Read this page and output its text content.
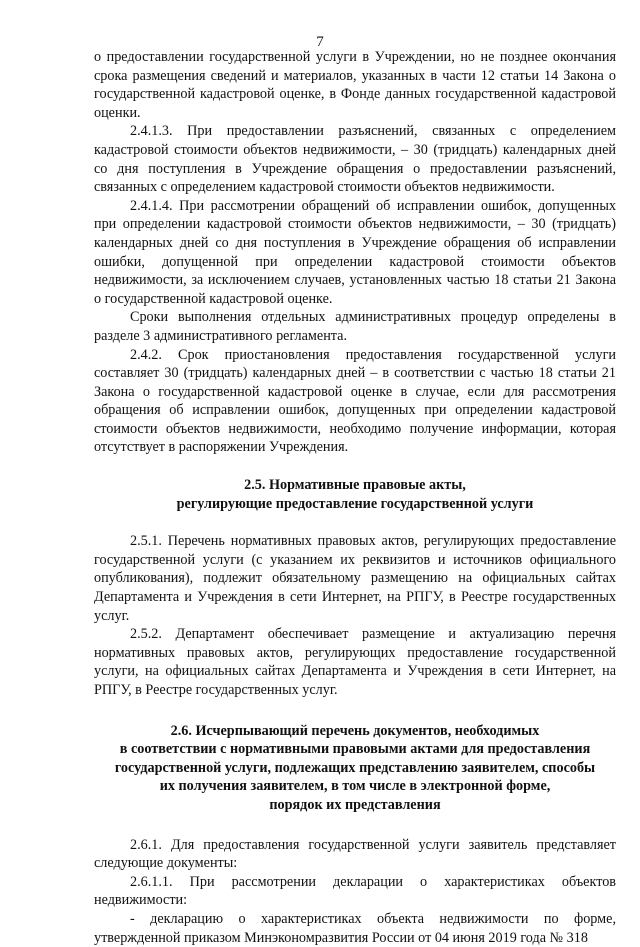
7

о предоставлении государственной услуги в Учреждении, но не позднее окончания срока размещения сведений и материалов, указанных в части 12 статьи 14 Закона о государственной кадастровой оценке, в Фонде данных государственной кадастровой оценки.

2.4.1.3. При предоставлении разъяснений, связанных с определением кадастровой стоимости объектов недвижимости, – 30 (тридцать) календарных дней со дня поступления в Учреждение обращения о предоставлении разъяснений, связанных с определением кадастровой стоимости объектов недвижимости.

2.4.1.4. При рассмотрении обращений об исправлении ошибок, допущенных при определении кадастровой стоимости объектов недвижимости, – 30 (тридцать) календарных дней со дня поступления в Учреждение обращения об исправлении ошибки, допущенной при определении кадастровой стоимости объектов недвижимости, за исключением случаев, установленных частью 18 статьи 21 Закона о государственной кадастровой оценке.

Сроки выполнения отдельных административных процедур определены в разделе 3 административного регламента.

2.4.2. Срок приостановления предоставления государственной услуги составляет 30 (тридцать) календарных дней – в соответствии с частью 18 статьи 21 Закона о государственной кадастровой оценке в случае, если для рассмотрения обращения об исправлении ошибок, допущенных при определении кадастровой стоимости объектов недвижимости, необходимо получение информации, которая отсутствует в распоряжении Учреждения.

2.5. Нормативные правовые акты,
регулирующие предоставление государственной услуги

2.5.1. Перечень нормативных правовых актов, регулирующих предоставление государственной услуги (с указанием их реквизитов и источников официального опубликования), подлежит обязательному размещению на официальных сайтах Департамента и Учреждения в сети Интернет, на РПГУ, в Реестре государственных услуг.

2.5.2. Департамент обеспечивает размещение и актуализацию перечня нормативных правовых актов, регулирующих предоставление государственной услуги, на официальных сайтах Департамента и Учреждения в сети Интернет, на РПГУ, в Реестре государственных услуг.

2.6. Исчерпывающий перечень документов, необходимых
в соответствии с нормативными правовыми актами для предоставления
государственной услуги, подлежащих представлению заявителем, способы
их получения заявителем, в том числе в электронной форме,
порядок их представления

2.6.1. Для предоставления государственной услуги заявитель представляет следующие документы:

2.6.1.1. При рассмотрении декларации о характеристиках объектов недвижимости:

- декларацию о характеристиках объекта недвижимости по форме, утвержденной приказом Минэкономразвития России от 04 июня 2019 года № 318
